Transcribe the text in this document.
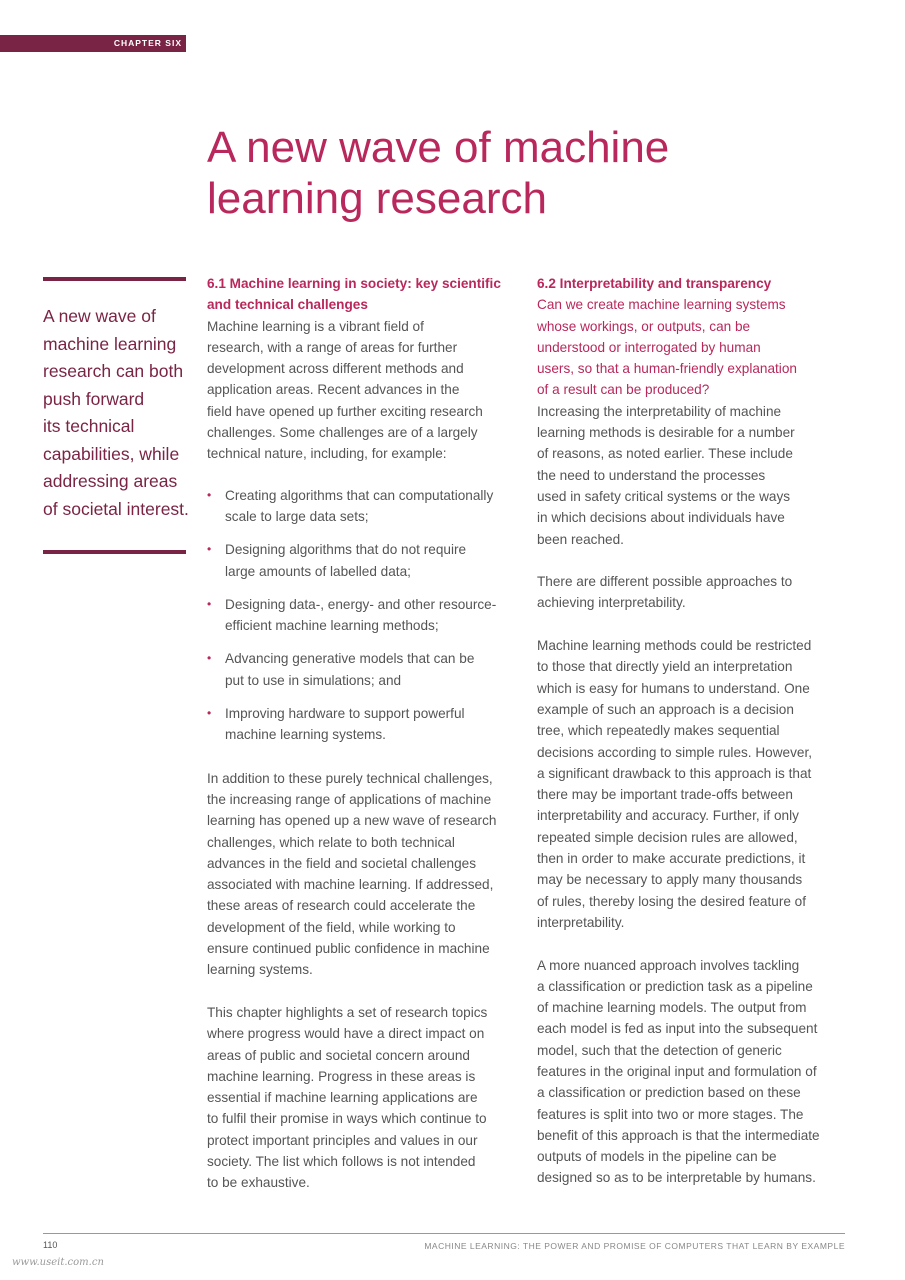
CHAPTER SIX
A new wave of machine
learning research
A new wave of
machine learning
research can both
push forward
its technical
capabilities, while
addressing areas
of societal interest.

6.1 Machine learning in society: key scientific
and technical challenges

Machine learning is a vibrant field of
research, with a range of areas for further
development across different methods and
application areas. Recent advances in the
field have opened up further exciting research
challenges. Some challenges are of a largely
technical nature, including, for example:

• Creating algorithms that can computationally
scale to large data sets;
• Designing algorithms that do not require
large amounts of labelled data;
• Designing data-, energy- and other resource-
efficient machine learning methods;
• Advancing generative models that can be
put to use in simulations; and
• Improving hardware to support powerful
machine learning systems.

In addition to these purely technical challenges,
the increasing range of applications of machine
learning has opened up a new wave of research
challenges, which relate to both technical
advances in the field and societal challenges
associated with machine learning. If addressed,
these areas of research could accelerate the
development of the field, while working to
ensure continued public confidence in machine
learning systems.

This chapter highlights a set of research topics
where progress would have a direct impact on
areas of public and societal concern around
machine learning. Progress in these areas is
essential if machine learning applications are
to fulfil their promise in ways which continue to
protect important principles and values in our
society. The list which follows is not intended
to be exhaustive.

6.2 Interpretability and transparency

Can we create machine learning systems
whose workings, or outputs, can be
understood or interrogated by human
users, so that a human-friendly explanation
of a result can be produced?

Increasing the interpretability of machine
learning methods is desirable for a number
of reasons, as noted earlier. These include
the need to understand the processes
used in safety critical systems or the ways
in which decisions about individuals have
been reached.

There are different possible approaches to
achieving interpretability.

Machine learning methods could be restricted
to those that directly yield an interpretation
which is easy for humans to understand. One
example of such an approach is a decision
tree, which repeatedly makes sequential
decisions according to simple rules. However,
a significant drawback to this approach is that
there may be important trade-offs between
interpretability and accuracy. Further, if only
repeated simple decision rules are allowed,
then in order to make accurate predictions, it
may be necessary to apply many thousands
of rules, thereby losing the desired feature of
interpretability.

A more nuanced approach involves tackling
a classification or prediction task as a pipeline
of machine learning models. The output from
each model is fed as input into the subsequent
model, such that the detection of generic
features in the original input and formulation of
a classification or prediction based on these
features is split into two or more stages. The
benefit of this approach is that the intermediate
outputs of models in the pipeline can be
designed so as to be interpretable by humans.

110	MACHINE LEARNING: THE POWER AND PROMISE OF COMPUTERS THAT LEARN BY EXAMPLE
www.useit.com.cn
